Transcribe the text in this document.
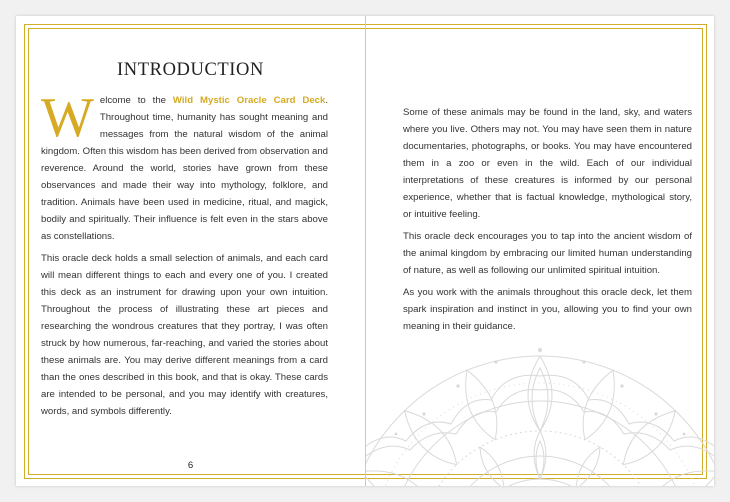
INTRODUCTION

Welcome to the Wild Mystic Oracle Card Deck. Throughout time, humanity has sought meaning and messages from the natural wisdom of the animal kingdom. Often this wisdom has been derived from observation and reverence. Around the world, stories have grown from these observances and made their way into mythology, folklore, and tradition. Animals have been used in medicine, ritual, and magick, bodily and spiritually. Their influence is felt even in the stars above as constellations.

This oracle deck holds a small selection of animals, and each card will mean different things to each and every one of you. I created this deck as an instrument for drawing upon your own intuition. Throughout the process of illustrating these art pieces and researching the wondrous creatures that they portray, I was often struck by how numerous, far-reaching, and varied the stories about these animals are. You may derive different meanings from a card than the ones described in this book, and that is okay. These cards are intended to be personal, and you may identify with creatures, words, and symbols differently.

6

Some of these animals may be found in the land, sky, and waters where you live. Others may not. You may have seen them in nature documentaries, photographs, or books. You may have encountered them in a zoo or even in the wild. Each of our individual interpretations of these creatures is informed by our personal experience, whether that is factual knowledge, mythological story, or intuitive feeling.

This oracle deck encourages you to tap into the ancient wisdom of the animal kingdom by embracing our limited human understanding of nature, as well as following our unlimited spiritual intuition.

As you work with the animals throughout this oracle deck, let them spark inspiration and instinct in you, allowing you to find your own meaning in their guidance.
